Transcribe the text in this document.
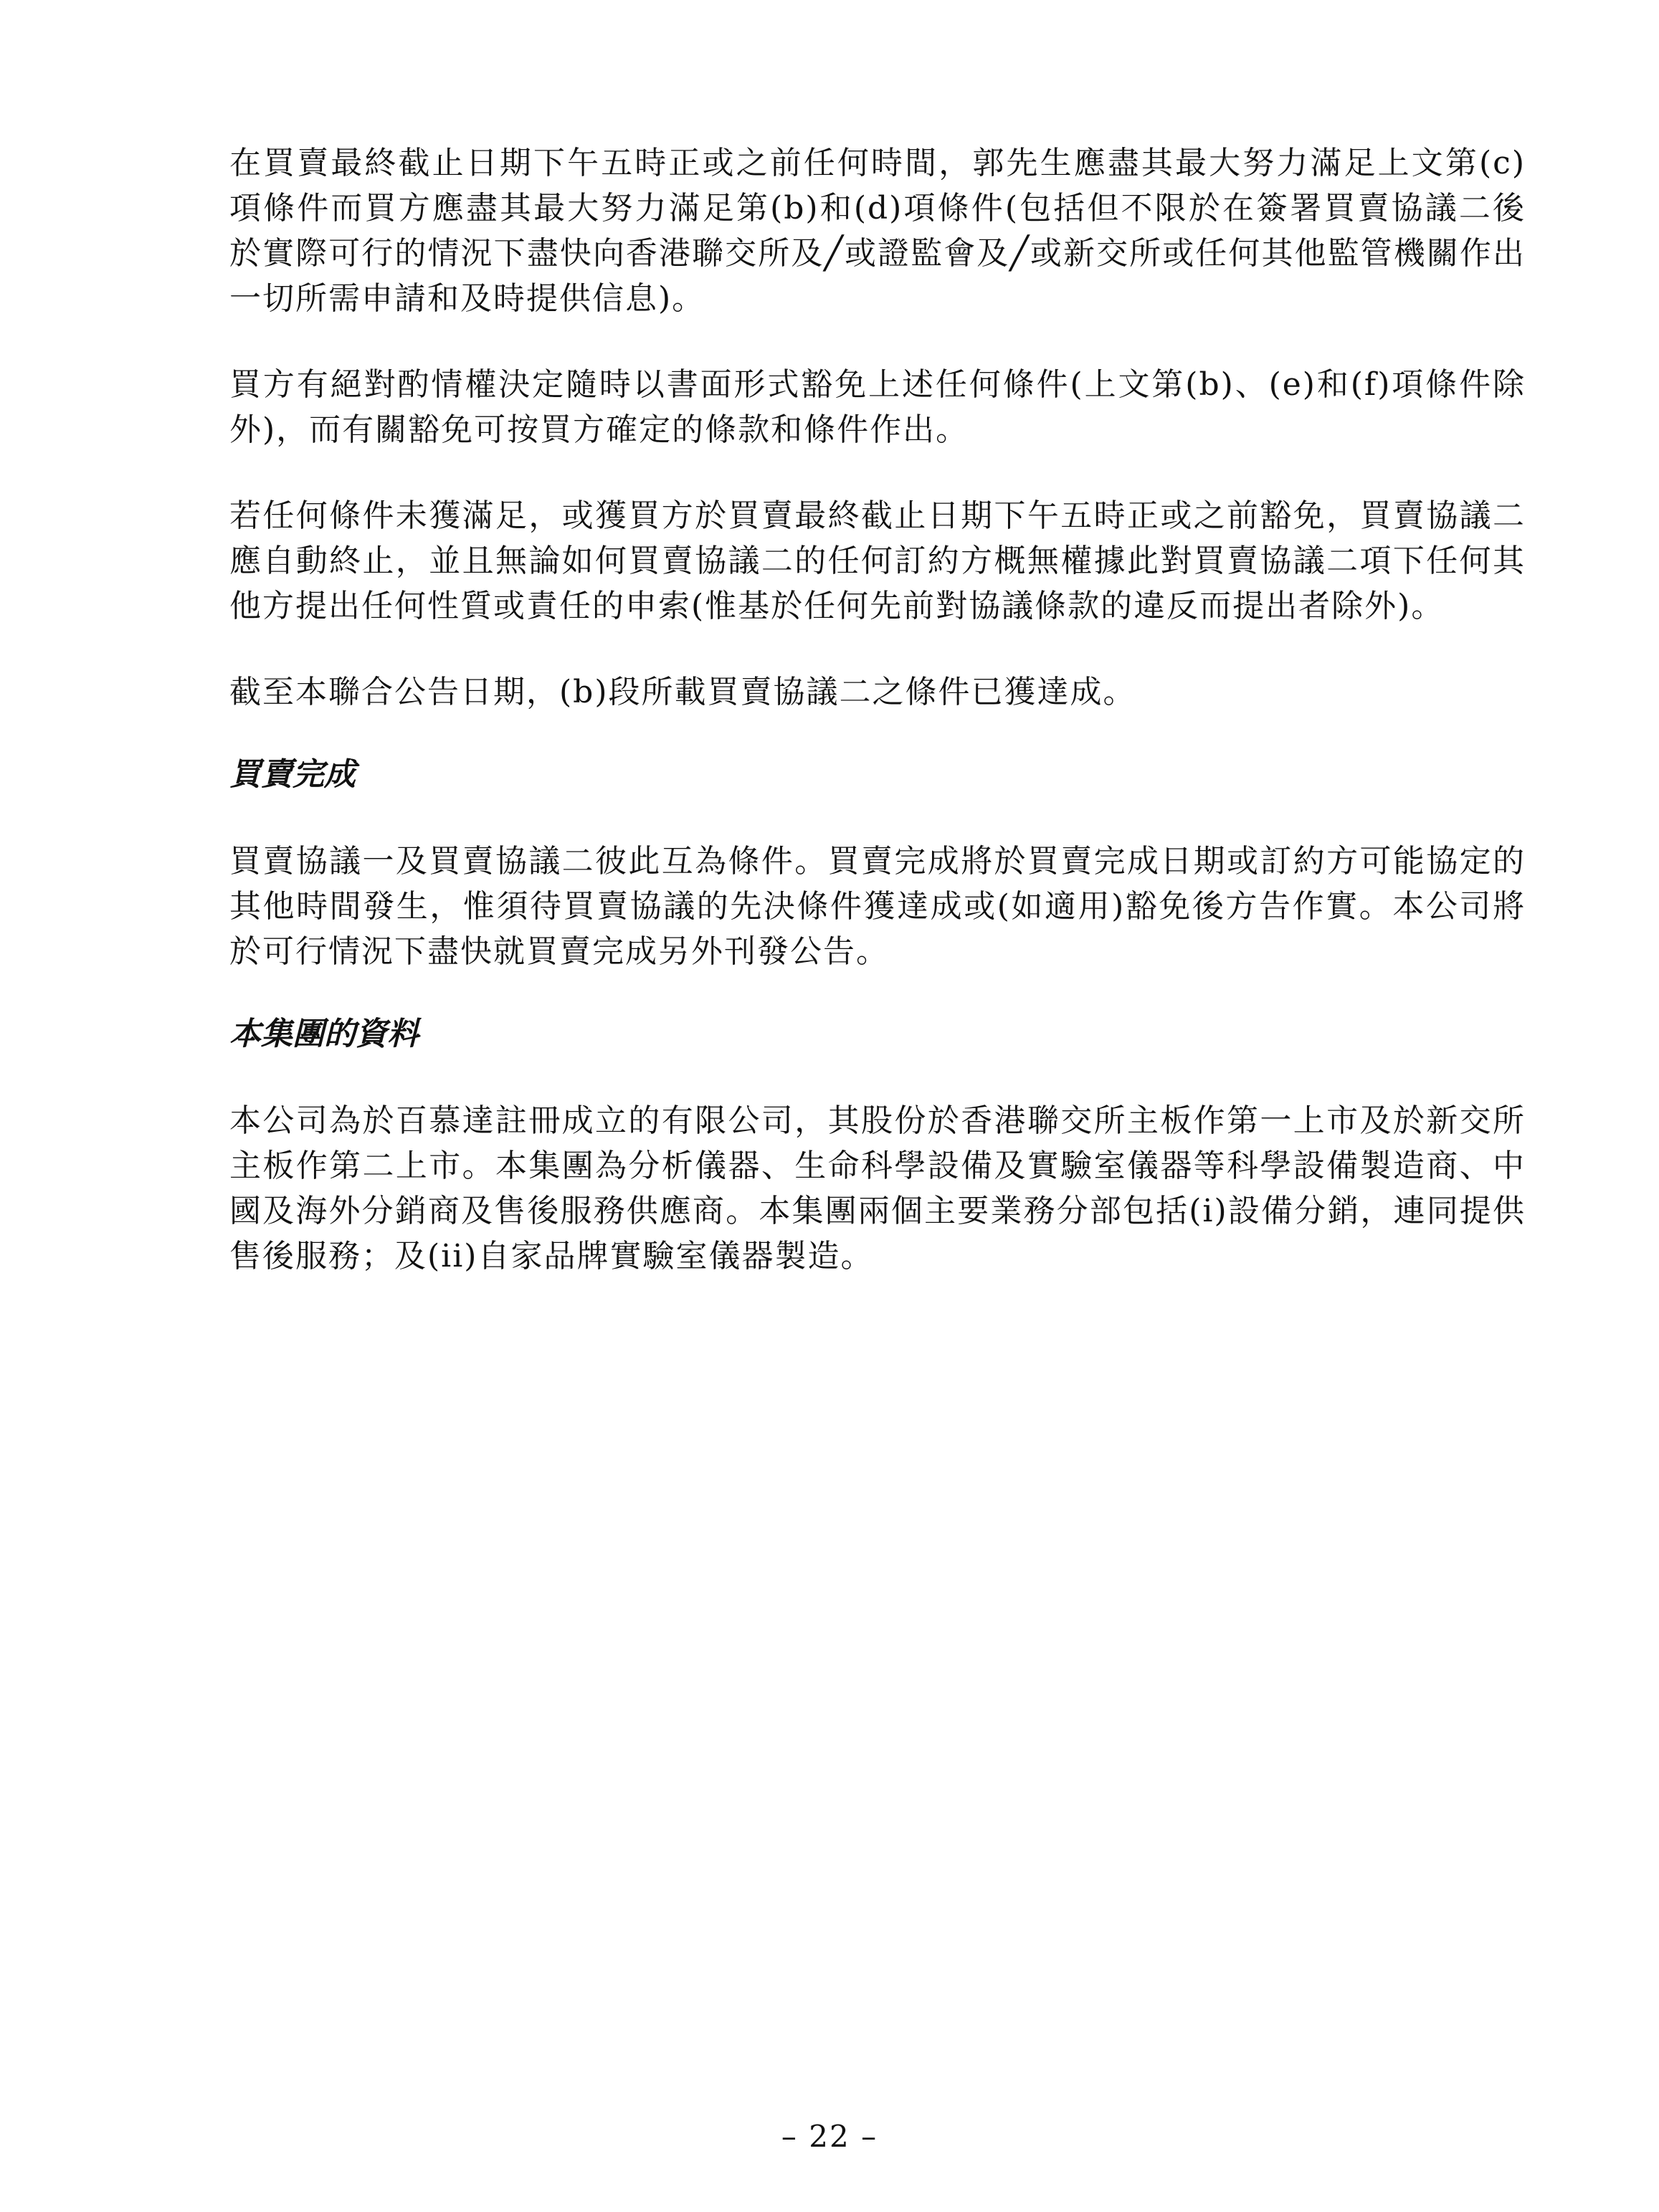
在買賣最終截止日期下午五時正或之前任何時間，郭先生應盡其最大努力滿足上文第(c)項條件而買方應盡其最大努力滿足第(b)和(d)項條件(包括但不限於在簽署買賣協議二後於實際可行的情況下盡快向香港聯交所及╱或證監會及╱或新交所或任何其他監管機關作出一切所需申請和及時提供信息)。

買方有絕對酌情權決定隨時以書面形式豁免上述任何條件(上文第(b)、(e)和(f)項條件除外)，而有關豁免可按買方確定的條款和條件作出。

若任何條件未獲滿足，或獲買方於買賣最終截止日期下午五時正或之前豁免，買賣協議二應自動終止，並且無論如何買賣協議二的任何訂約方概無權據此對買賣協議二項下任何其他方提出任何性質或責任的申索(惟基於任何先前對協議條款的違反而提出者除外)。

截至本聯合公告日期，(b)段所載買賣協議二之條件已獲達成。

買賣完成

買賣協議一及買賣協議二彼此互為條件。買賣完成將於買賣完成日期或訂約方可能協定的其他時間發生，惟須待買賣協議的先決條件獲達成或(如適用)豁免後方告作實。本公司將於可行情況下盡快就買賣完成另外刊發公告。

本集團的資料

本公司為於百慕達註冊成立的有限公司，其股份於香港聯交所主板作第一上市及於新交所主板作第二上市。本集團為分析儀器、生命科學設備及實驗室儀器等科學設備製造商、中國及海外分銷商及售後服務供應商。本集團兩個主要業務分部包括(i)設備分銷，連同提供售後服務；及(ii)自家品牌實驗室儀器製造。

– 22 –
